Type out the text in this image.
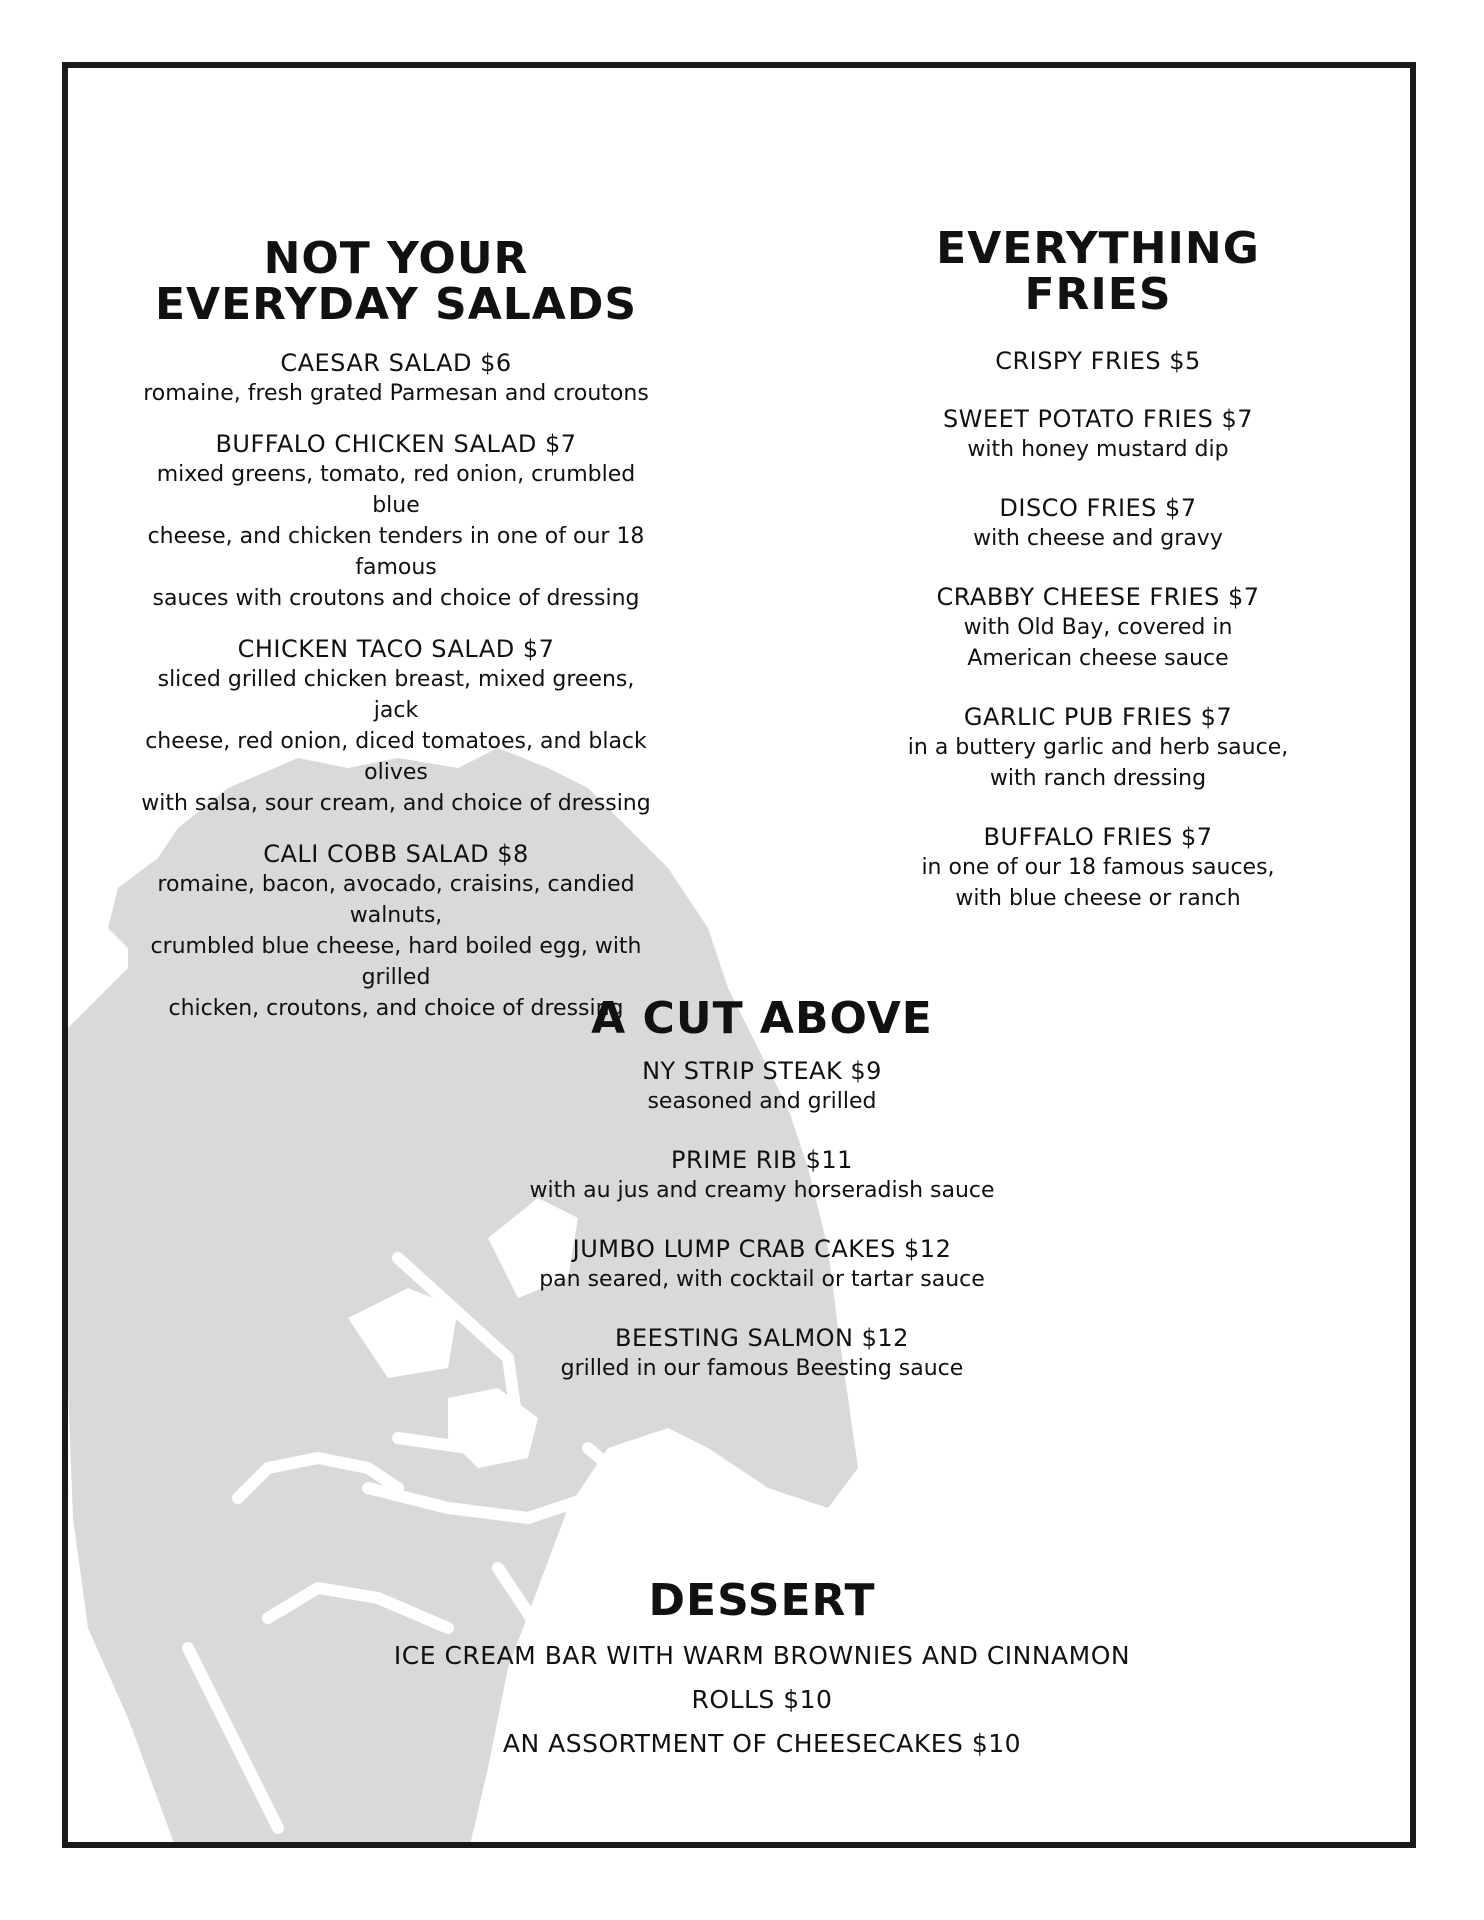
NOT YOUR
EVERYDAY SALADS
CAESAR SALAD $6
romaine, fresh grated Parmesan and croutons
BUFFALO CHICKEN SALAD $7
mixed greens, tomato, red onion, crumbled blue
cheese, and chicken tenders in one of our 18 famous
sauces with croutons and choice of dressing
CHICKEN TACO SALAD $7
sliced grilled chicken breast, mixed greens, jack
cheese, red onion, diced tomatoes, and black olives
with salsa, sour cream, and choice of dressing
CALI COBB SALAD $8
romaine, bacon, avocado, craisins, candied walnuts,
crumbled blue cheese, hard boiled egg, with grilled
chicken, croutons, and choice of dressing
EVERYTHING
FRIES
CRISPY FRIES $5
SWEET POTATO FRIES $7
with honey mustard dip
DISCO FRIES $7
with cheese and gravy
CRABBY CHEESE FRIES $7
with Old Bay, covered in
American cheese sauce
GARLIC PUB FRIES $7
in a buttery garlic and herb sauce,
with ranch dressing
BUFFALO FRIES $7
in one of our 18 famous sauces,
with blue cheese or ranch
A CUT ABOVE
NY STRIP STEAK $9
seasoned and grilled
PRIME RIB $11
with au jus and creamy horseradish sauce
JUMBO LUMP CRAB CAKES $12
pan seared, with cocktail or tartar sauce
BEESTING SALMON $12
grilled in our famous Beesting sauce
DESSERT
ICE CREAM BAR WITH WARM BROWNIES AND CINNAMON ROLLS $10
AN ASSORTMENT OF CHEESECAKES $10
